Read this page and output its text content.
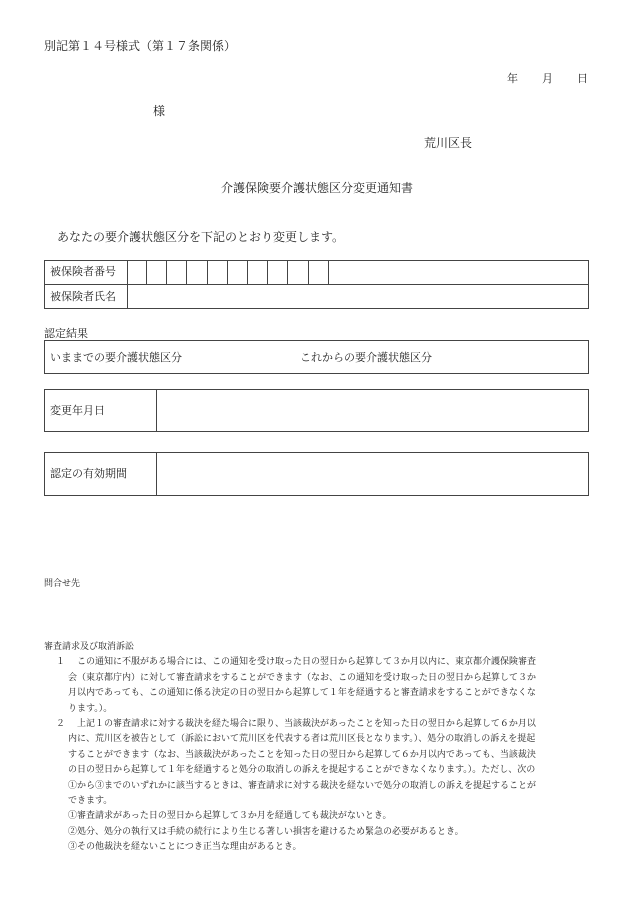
別記第１４号様式（第１７条関係）
年 月 日
様
荒川区長
介護保険要介護状態区分変更通知書
あなたの要介護状態区分を下記のとおり変更します。
被保険者番号
被保険者氏名
認定結果
いままでの要介護状態区分	これからの要介護状態区分
変更年月日
認定の有効期間
問合せ先
審査請求及び取消訴訟
１	この通知に不服がある場合には、この通知を受け取った日の翌日から起算して３か月以内に、東京都介護保険審査
会（東京都庁内）に対して審査請求をすることができます（なお、この通知を受け取った日の翌日から起算して３か
月以内であっても、この通知に係る決定の日の翌日から起算して１年を経過すると審査請求をすることができなくな
ります。）。
２	上記１の審査請求に対する裁決を経た場合に限り、当該裁決があったことを知った日の翌日から起算して６か月以
内に、荒川区を被告として（訴訟において荒川区を代表する者は荒川区長となります。）、処分の取消しの訴えを提起
することができます（なお、当該裁決があったことを知った日の翌日から起算して６か月以内であっても、当該裁決
の日の翌日から起算して１年を経過すると処分の取消しの訴えを提起することができなくなります。）。ただし、次の
①から③までのいずれかに該当するときは、審査請求に対する裁決を経ないで処分の取消しの訴えを提起することが
できます。
①審査請求があった日の翌日から起算して３か月を経過しても裁決がないとき。
②処分、処分の執行又は手続の続行により生じる著しい損害を避けるため緊急の必要があるとき。
③その他裁決を経ないことにつき正当な理由があるとき。
